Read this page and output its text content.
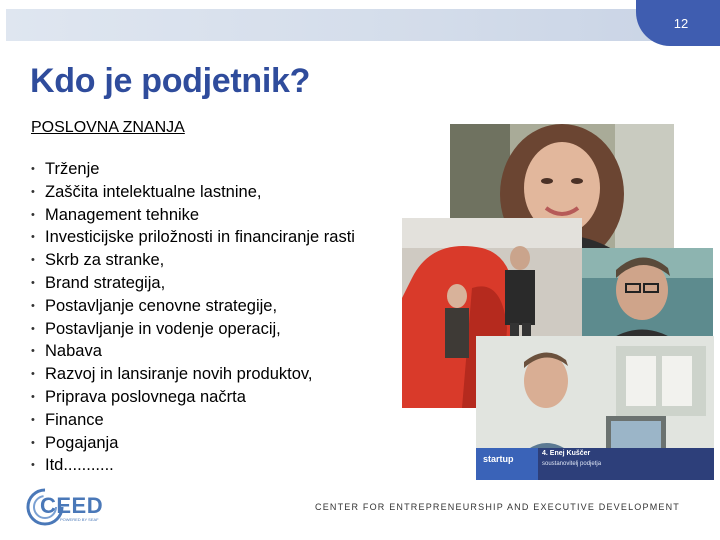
12
Kdo je podjetnik?
POSLOVNA ZNANJA
• Trženje
• Zaščita intelektualne lastnine,
• Management tehnike
• Investicijske priložnosti in financiranje rasti
• Skrb za stranke,
• Brand strategija,
• Postavljanje cenovne strategije,
• Postavljanje in vodenje operacij,
• Nabava
• Razvoj in lansiranje novih produktov,
• Priprava poslovnega načrta
• Finance
• Pogajanja
• Itd...........	startup
4. Enej Kuščer
soustanovitelj podjetja
CEED
POWERED BY SEAF
CENTER FOR ENTREPRENEURSHIP AND EXECUTIVE DEVELOPMENT
